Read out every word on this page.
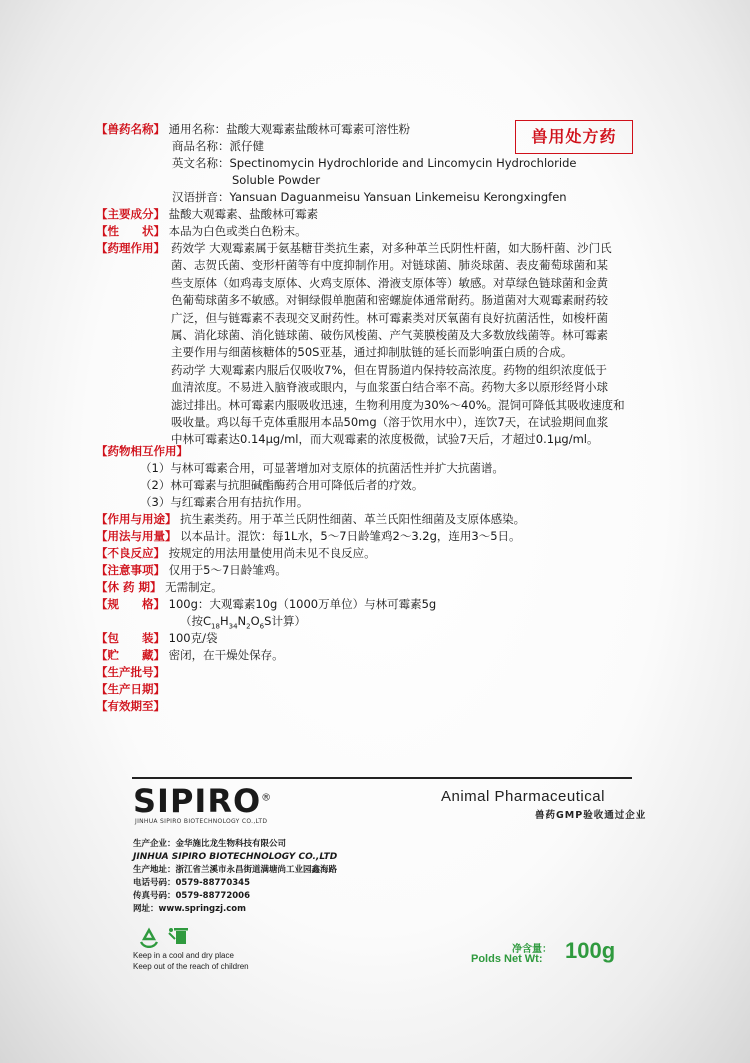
兽用处方药
【兽药名称】 通用名称：盐酸大观霉素盐酸林可霉素可溶性粉
商品名称：派仔健
英文名称：Spectinomycin Hydrochloride and Lincomycin Hydrochloride
Soluble Powder
汉语拼音：Yansuan Daguanmeisu Yansuan Linkemeisu Kerongxingfen
【主要成分】 盐酸大观霉素、盐酸林可霉素
【性　　状】 本品为白色或类白色粉末。
【药理作用】 药效学 大观霉素属于氨基糖苷类抗生素，对多种革兰氏阴性杆菌，如大肠杆菌、沙门氏
菌、志贺氏菌、变形杆菌等有中度抑制作用。对链球菌、肺炎球菌、表皮葡萄球菌和某
些支原体（如鸡毒支原体、火鸡支原体、滑液支原体等）敏感。对草绿色链球菌和金黄
色葡萄球菌多不敏感。对铜绿假单胞菌和密螺旋体通常耐药。肠道菌对大观霉素耐药较
广泛，但与链霉素不表现交叉耐药性。林可霉素类对厌氧菌有良好抗菌活性，如梭杆菌
属、消化球菌、消化链球菌、破伤风梭菌、产气荚膜梭菌及大多数放线菌等。林可霉素
主要作用与细菌核糖体的50S亚基，通过抑制肽链的延长而影响蛋白质的合成。
药动学 大观霉素内服后仅吸收7%，但在胃肠道内保持较高浓度。药物的组织浓度低于
血清浓度。不易进入脑脊液或眼内，与血浆蛋白结合率不高。药物大多以原形经肾小球
滤过排出。林可霉素内服吸收迅速，生物利用度为30%～40%。混饲可降低其吸收速度和
吸收量。鸡以每千克体重服用本品50mg（溶于饮用水中），连饮7天，在试验期间血浆
中林可霉素达0.14μg/ml，而大观霉素的浓度极微，试验7天后，才超过0.1μg/ml。
【药物相互作用】
（1）与林可霉素合用，可显著增加对支原体的抗菌活性并扩大抗菌谱。
（2）林可霉素与抗胆碱酯酶药合用可降低后者的疗效。
（3）与红霉素合用有拮抗作用。
【作用与用途】 抗生素类药。用于革兰氏阴性细菌、革兰氏阳性细菌及支原体感染。
【用法与用量】 以本品计。混饮：每1L水，5～7日龄雏鸡2～3.2g，连用3～5日。
【不良反应】 按规定的用法用量使用尚未见不良反应。
【注意事项】 仅用于5～7日龄雏鸡。
【休 药 期】 无需制定。
【规　　格】 100g：大观霉素10g（1000万单位）与林可霉素5g
（按$C_{18}H_{34}N_2O_6S$计算）
【包　　装】 100克/袋
【贮　　藏】 密闭，在干燥处保存。
【生产批号】
【生产日期】
【有效期至】
SIPIRO®
JINHUA SIPIRO BIOTECHNOLOGY CO.,LTD
Animal Pharmaceutical
兽药GMP验收通过企业
生产企业：金华施比龙生物科技有限公司
JINHUA SIPIRO BIOTECHNOLOGY CO.,LTD
生产地址：浙江省兰溪市永昌街道满塘尚工业园鑫海路
电话号码：0579-88770345
传真号码：0579-88772006
网址：www.springzj.com
Keep in a cool and dry place
Keep out of the reach of children
净含量：
Polds Net Wt: 100g
